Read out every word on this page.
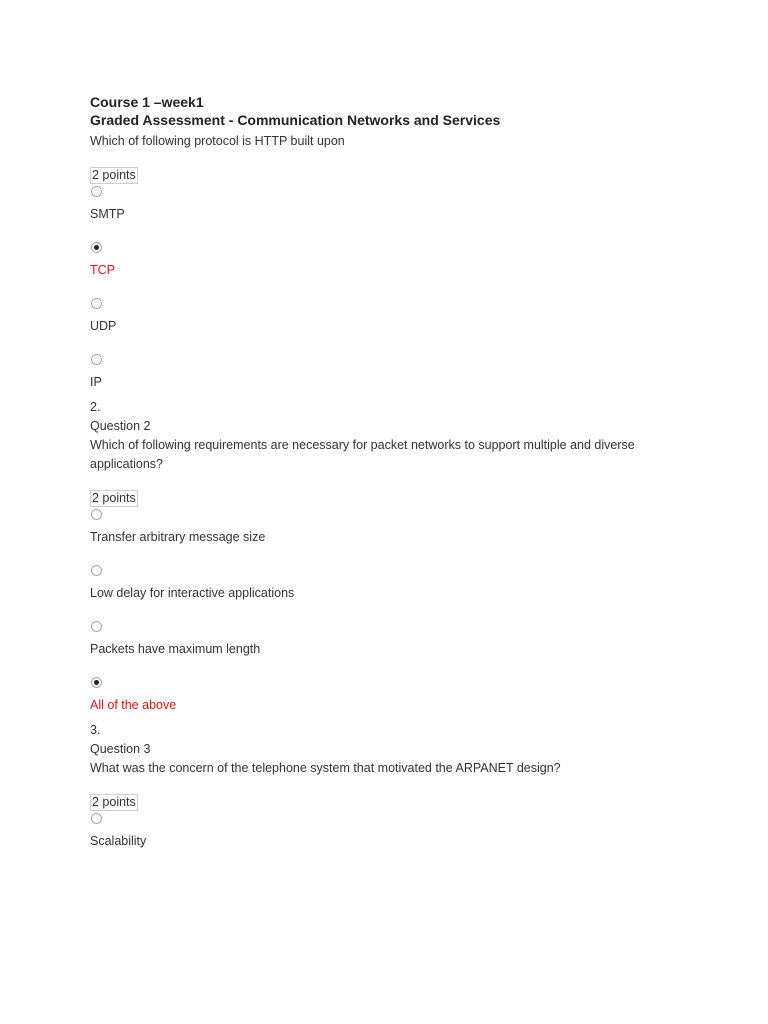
Course 1 –week1
Graded Assessment - Communication Networks and Services

Which of following protocol is HTTP built upon

2 points

SMTP

TCP

UDP

IP

2.

Question 2

Which of following requirements are necessary for packet networks to support multiple and diverse applications?

2 points

Transfer arbitrary message size

Low delay for interactive applications

Packets have maximum length

All of the above

3.

Question 3

What was the concern of the telephone system that motivated the ARPANET design?

2 points

Scalability
